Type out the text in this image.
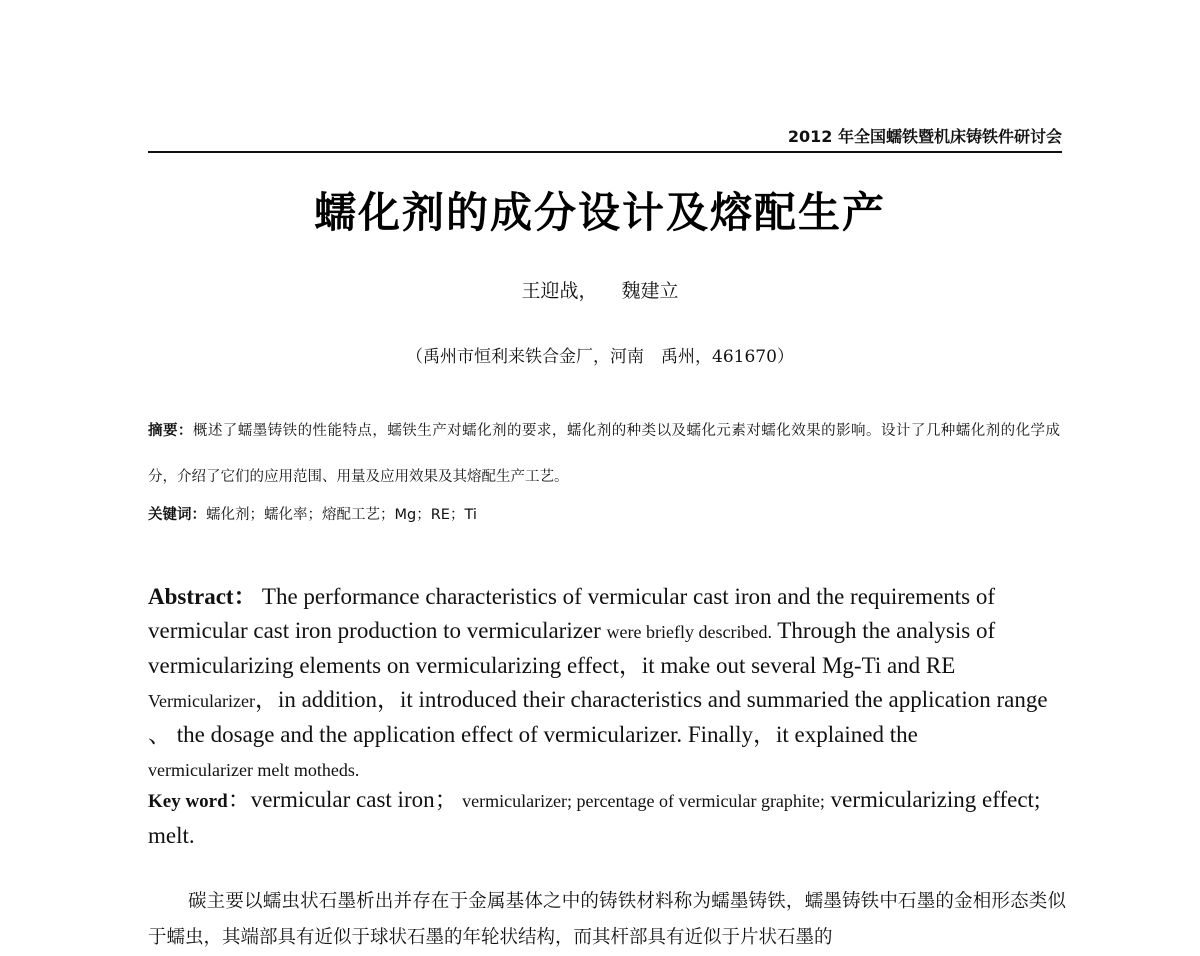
2012 年全国蠕铁暨机床铸铁件研讨会
蠕化剂的成分设计及熔配生产
王迎战， 魏建立
（禹州市恒利来铁合金厂，河南　禹州，461670）
摘要：概述了蠕墨铸铁的性能特点，蠕铁生产对蠕化剂的要求，蠕化剂的种类以及蠕化元素对蠕化效果的影响。设计了几种蠕化剂的化学成分，介绍了它们的应用范围、用量及应用效果及其熔配生产工艺。
关键词：蠕化剂；蠕化率；熔配工艺；Mg；RE；Ti
Abstract： The performance characteristics of vermicular cast iron and the requirements of vermicular cast iron production to vermicularizer were briefly described. Through the analysis of vermicularizing elements on vermicularizing effect，it make out several Mg-Ti and RE
Vermicularizer，in addition，it introduced their characteristics and summaried the application range 、 the dosage and the application effect of vermicularizer. Finally，it explained the
vermicularizer melt motheds.
Key word：vermicular cast iron； vermicularizer; percentage of vermicular graphite; vermicularizing effect; melt.
碳主要以蠕虫状石墨析出并存在于金属基体之中的铸铁材料称为蠕墨铸铁，蠕墨铸铁中石墨的金相形态类似于蠕虫，其端部具有近似于球状石墨的年轮状结构，而其杆部具有近似于片状石墨的
